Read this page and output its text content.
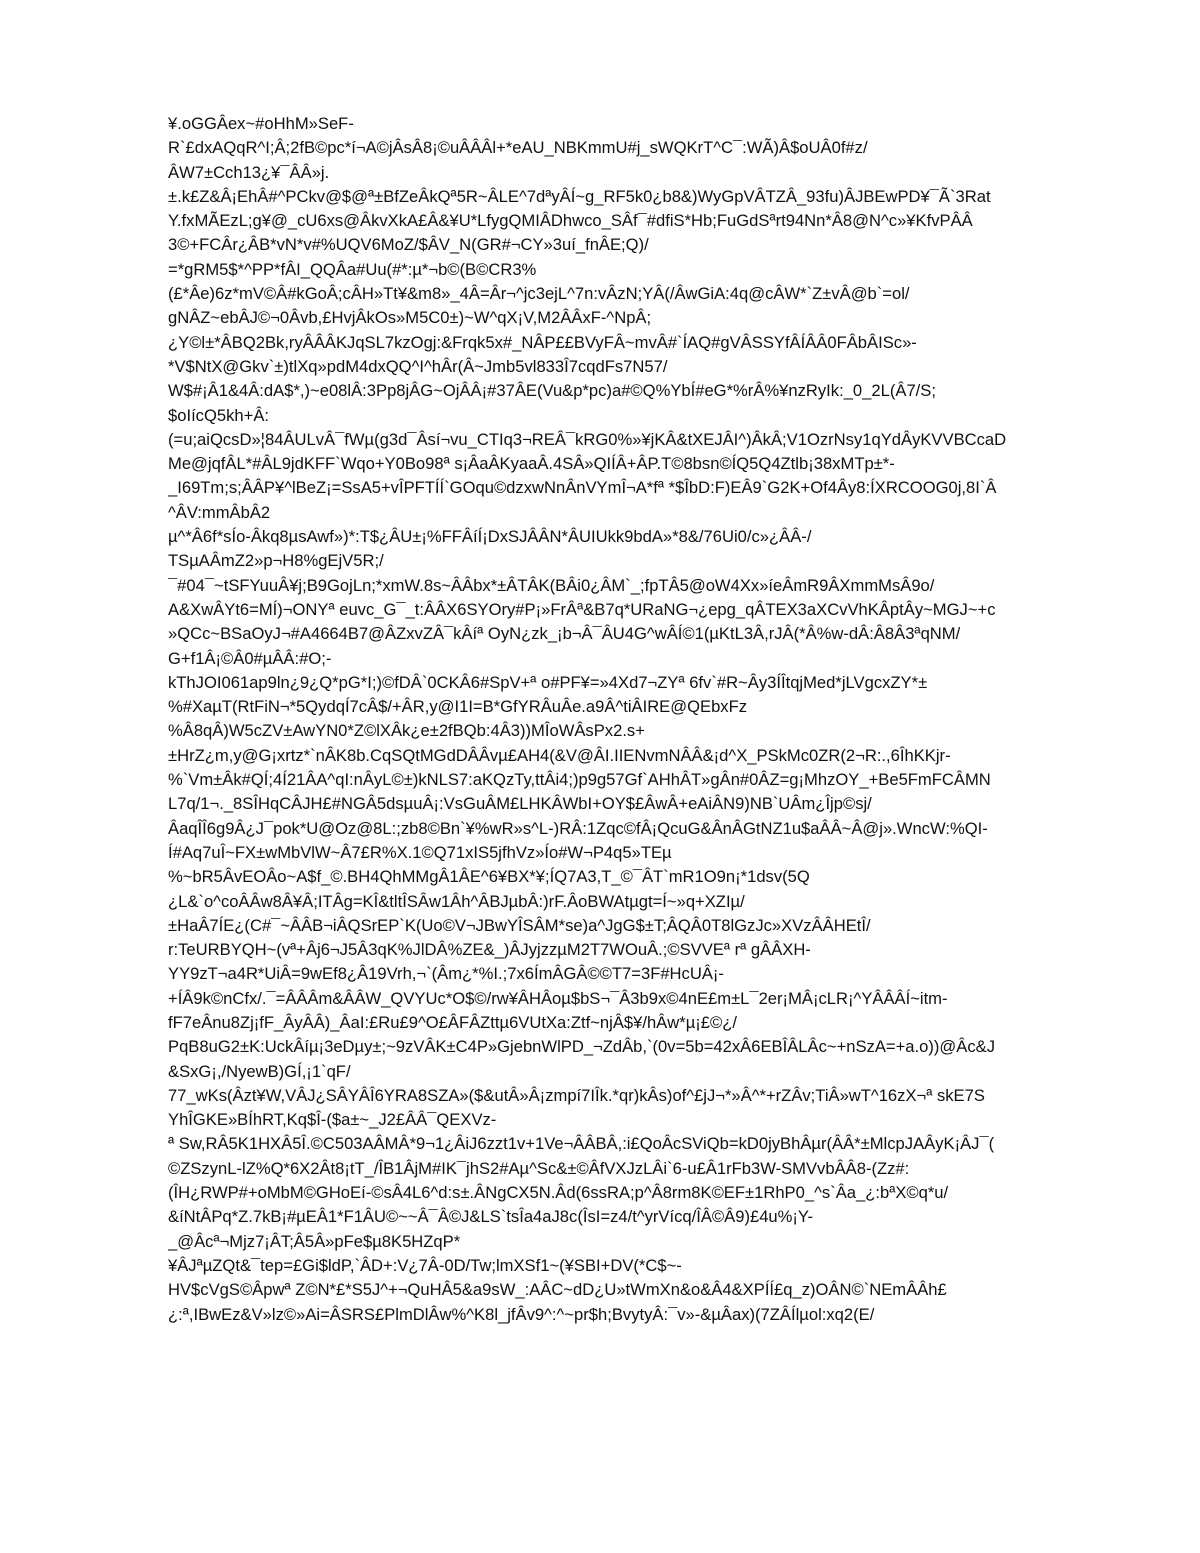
¥.oGGÂex~#oHhM»SeF-
R`£dxAQqR^I;Â;2fB©pc*í¬A©jÂsÂ8¡©uÂÂÂl+*eAU_NBKmmU#j_sWQKrT^C¯:WÃ)Â$oUÂ0f#z/
ÂW7±Cch13¿¥¯ÂÂ»j.
±.k£Z&Â¡EhÂ#^PCkv@$@ª±BfZeÂkQª5R~ÂLE^7dªyÂÍ~g_RF5k0¿b8&)WyGpVÂTZÂ_93fu)ÂJBEwPD¥¯Ã`3Rat
Y.fxMÃEzL;g¥@_cU6xs@ÂkvXkA£Â&¥U*LfygQMIÂDhwco_SÂf¯#dfiS*Hb;FuGdSªrt94Nn*Â8@N^c»¥KfvPÂÂ
3©+FCÂr¿ÂB*vN*v#%UQV6MoZ/$ÂV_N(GR#¬CY»3uí_fnÂE;Q)/
=*gRM5$*^PP*fÂI_QQÂa#Uu(#*:µ*¬b©(B©CR3%
(£*Âe)6z*mV©Â#kGoÂ;cÂH»Tt¥&m8»_4Â=Âr¬^jc3ejL^7n:vÂzN;YÂ(/ÂwGiA:4q@cÂW*`Z±vÂ@b`=ol/
gNÂZ~ebÂJ©¬0Âvb,£HvjÂkOs»M5C0±)~W^qX¡V,M2ÂÂxF-^NpÂ;
¿Y©l±*ÂBQ2Bk,ryÂÂÂKJqSL7kzOgj:&Frqk5x#_NÂP££BVyFÂ~mvÂ#`ÍAQ#gVÂSSYfÂÍÂÂ0FÂbÂISc»-
*V$NtX@Gkv`±)tlXq»pdM4dxQQ^I^hÂr(Â~Jmb5vl833Î7cqdFs7N57/
W$#¡Â1&4Â:dA$*,)~e08lÂ:3Pp8jÂG~OjÂÂ¡#37ÂE(Vu&p*pc)a#©Q%YbÍ#eG*%rÂ%¥nzRyIk:_0_2L(Â7/S;
$oIícQ5kh+Â:
(=u;aiQcsD»¦84ÂULvÂ¯fWµ(g3d¯Âsí¬vu_CTIq3¬REÂ¯kRG0%»¥jKÂ&tXEJÂI^)ÂkÂ;V1OzrNsy1qYdÂyKVVBCcaD
Me@jqfÂL*#ÂL9jdKFF`Wqo+Y0Bo98ª s¡ÂaÂKyaaÂ.4SÂ»QIÍÂ+ÂP.T©8bsn©ÍQ5Q4Ztlb¡38xMTp±*-
_I69Tm;s;ÂÂP¥^lBeZ¡=SsA5+vÎPFTÍÍ`GOqu©dzxwNnÂnVYmÎ¬A*fª *$ÎbD:F)EÂ9`G2K+Of4Ây8:ÍXRCOOG0j,8I`Â
^ÂV:mmÂbÂ2
µ^*Â6f*sÍo-Âkq8µsAwf»)*:T$¿ÂU±¡%FFÂíÍ¡DxSJÂÂN*ÂUIUkk9bdA»*8&/76Ui0/c»¿ÂÂ-/
TSµAÂmZ2»p¬H8%gEjV5R;/
¯#04¯~tSFYuuÂ¥j;B9GojLn;*xmW.8s~ÂÂbx*±ÂTÂK(BÂi0¿ÂM`_;fpTÂ5@oW4Xx»íeÂmR9ÂXmmMsÂ9o/
A&XwÂYt6=MÍ)¬ONYª euvc_G¯_t:ÂÂX6SYOry#P¡»FrÂª&B7q*URaNG¬¿epg_qÂTEX3aXCvVhKÂptÂy~MGJ~+c
»QCc~BSaOyJ¬#A4664B7@ÂZxvZÂ¯kÂíª OyN¿zk_¡b¬Â¯ÂU4G^wÂÍ©1(µKtL3Â,rJÂ(*Â%w-dÂ:Â8Â3ªqNM/
G+f1Â¡©Â0#µÂÂ:#O;-
kThJOI061ap9ln¿9¿Q*pG*I;)©fDÂ`0CKÂ6#SpV+ª o#PF¥=»4Xd7¬ZYª 6fv`#R~Ây3ÍÎtqjMed*jLVgcxZY*±
%#XaµT(RtFiN¬*5QydqÍ7cÂ$/+ÂR,y@I1I=B*GfYRÂuÂe.a9Â^tiÂIRE@QEbxFz
%Â8qÂ)W5cZV±AwYN0*Z©lXÂk¿e±2fBQb:4Â3))MÎoWÂsPx2.s+
±HrZ¿m,y@G¡xrtz*`nÂK8b.CqSQtMGdDÂÂvµ£AH4(&V@ÂI.IIENvmNÂÂ&¡d^X_PSkMc0ZR(2¬R:.,6ÎhKKjr-
%`Vm±Âk#QÍ;4Í21ÂA^qI:nÂyL©±)kNLS7:aKQzTy,ttÂi4;)p9g57Gf`AHhÂT»gÂn#0ÂZ=g¡MhzOY_+Be5FmFCÂMN
L7q/1¬._8SÎHqCÂJH£#NGÂ5dsµuÂ¡:VsGuÂM£LHKÂWbI+OY$£ÂwÂ+eAiÂN9)NB`UÂm¿Îjp©sj/
ÂaqÎÎ6g9Â¿J¯pok*U@Oz@8L:;zb8©Bn`¥%wR»s^L-)RÂ:1Zqc©fÂ¡QcuG&ÂnÂGtNZ1u$aÂÂ~Â@j».WncW:%QI-
Í#Aq7uÎ~FX±wMbVlW~Â7£R%X.1©Q71xIS5jfhVz»Ío#W¬P4q5»TEµ
%~bR5ÂvEOÂo~A$f_©.BH4QhMMgÂ1ÂE^6¥BX*¥;ÍQ7A3,T_©¯ÂT`mR1O9n¡*1dsv(5Q
¿L&`o^coÂÂw8Â¥Â;ITÂg=KÎ&tltÎSÂw1Âh^ÂBJµbÂ:)rF.ÂoBWAtµgt=Í~»q+XZIµ/
±HaÂ7ÍE¿(C#¯~ÂÂB¬iÂQSrEP`K(Uo©V¬JBwYÎSÂM*se)a^JgG$±T;ÂQÂ0T8lGzJc»XVzÂÂHEtÎ/
r:TeURBYQH~(vª+Âj6¬J5Â3qK%JlDÂ%ZE&_)ÂJyjzzµM2T7WOuÂ.;©SVVEª rª gÂÂXH-
YY9zT¬a4R*UiÂ=9wEf8¿Â19Vrh,¬`(Âm¿*%I.;7x6ÍmÂGÂ©©T7=3F#HcUÂ¡-
+ÍÂ9k©nCfx/.¯=ÂÂÂm&ÂÂW_QVYUc*O$©/rw¥ÂHÂoµ$bS¬¯Â3b9x©4nE£m±L¯2er¡MÂ¡cLR¡^YÂÂÂÍ~itm-
fF7eÂnu8Zj¡fF_ÂyÂÂ)_ÂaI:£Ru£9^O£ÂFÂZttµ6VUtXa:Ztf~njÂ$¥/hÂw*µ¡£©¿/
PqB8uG2±K:UckÂíµ¡3eDµy±;~9zVÂK±C4P»GjebnWlPD_¬ZdÂb,`(0v=5b=42xÂ6EBÎÂLÂc~+nSzA=+a.o))@Âc&J
&SxG¡,/NyewB)GÍ,¡1`qF/
77_wKs(Âzt¥W,VÂJ¿SÂYÂÎ6YRA8SZA»($&utÂ»Â¡zmpí7IÎk.*qr)kÂs)of^£jJ¬*»Â^*+rZÂv;TiÂ»wT^16zX¬ª skE7S
YhÎGKE»BÍhRT,Kq$Î-($a±~_J2£ÂÂ¯QEXVz-
ª Sw,RÂ5K1HXÂ5Î.©C503AÂMÂ*9¬1¿ÂiJ6zzt1v+1Ve¬ÂÂBÂ,:i£QoÂcSViQb=kD0jyBhÂµr(ÂÂ*±MlcpJAÂyK¡ÂJ¯(
©ZSzynL-lZ%Q*6X2Ât8¡tT_/ÎB1ÂjM#IK¯jhS2#Aµ^Sc&±©ÂfVXJzLÂi`6-u£Â1rFb3W-SMVvbÂÂ8-(Zz#:
(ÎH¿RWP#+oMbM©GHoEí-©sÂ4L6^d:s±.ÂNgCX5N.Âd(6ssRA;p^Â8rm8K©EF±1RhP0_^s`Âa_¿:bªX©q*u/
&íNtÂPq*Z.7kB¡#µEÂ1*F1ÂU©~~Â¯Â©J&LS`tsÎa4aJ8c(ÎsI=z4/t^yrVícq/ÎÂ©Â9)£4u%¡Y-
_@Âcª¬Mjz7¡ÂT;Â5Â»pFe$µ8K5HZqP*
¥ÂJªµZQt&¯tep=£Gi$ldP,`ÂD+:V¿7Â-0D/Tw;lmXSf1~(¥SBI+DV(*C$~-
HV$cVgS©Âpwª Z©N*£*S5J^+¬QuHÂ5&a9sW_:AÂC~dD¿U»tWmXn&o&Â4&XPÍÍ£q_z)OÂN©`NEmÂÂh£
¿:ª,IBwEz&V»lz©»Ai=ÂSRS£PlmDlÂw%^K8l_jfÂv9^:^~pr$h;BvytyÂ:¯v»-&µÂax)(7ZÂÍlµol:xq2(E/
